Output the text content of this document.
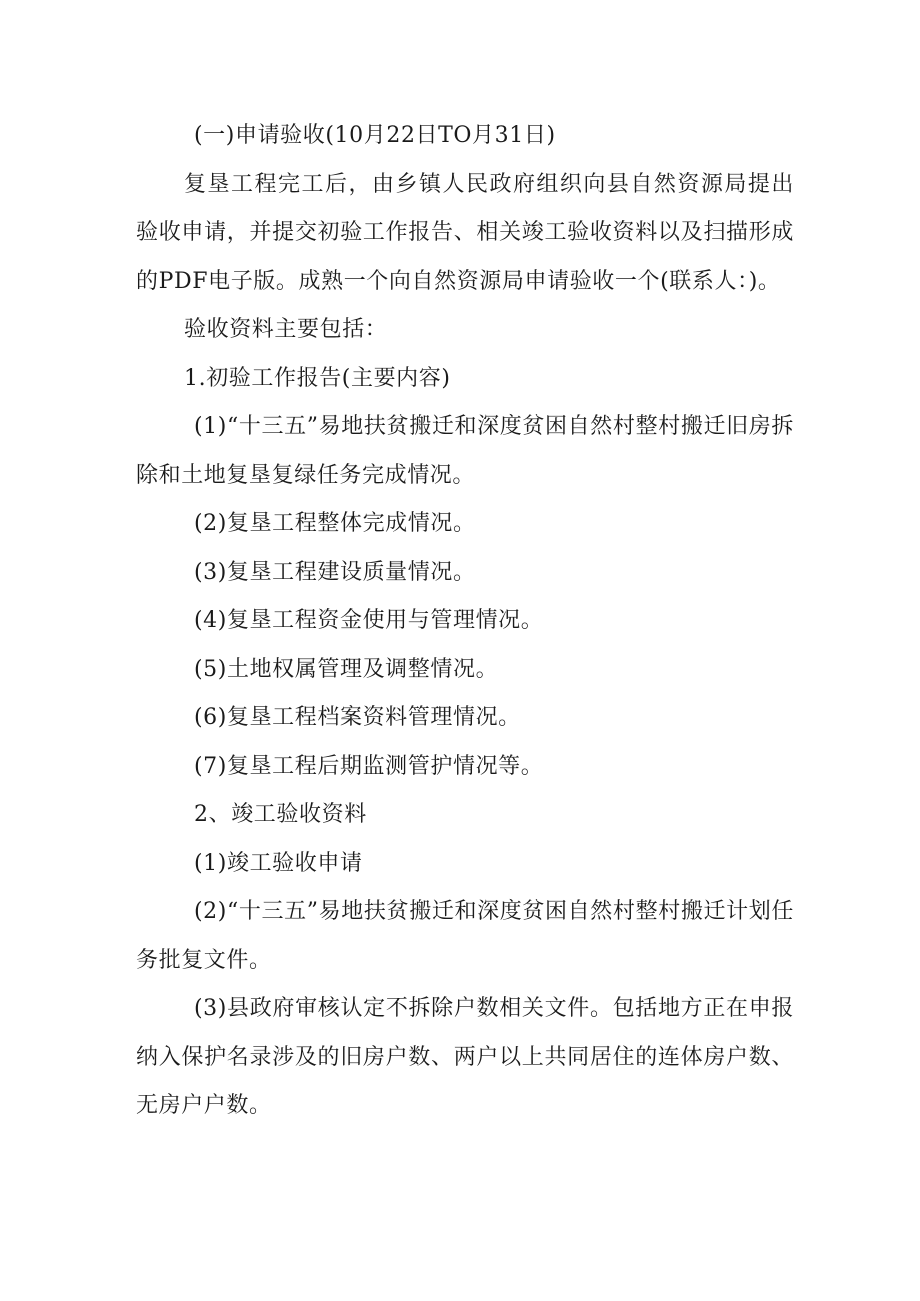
(一)申请验收(10月22日TO月31日)

复垦工程完工后，由乡镇人民政府组织向县自然资源局提出验收申请，并提交初验工作报告、相关竣工验收资料以及扫描形成的PDF电子版。成熟一个向自然资源局申请验收一个(联系人：)。

验收资料主要包括：

1.初验工作报告(主要内容)

(1)“十三五”易地扶贫搬迁和深度贫困自然村整村搬迁旧房拆除和土地复垦复绿任务完成情况。

(2)复垦工程整体完成情况。

(3)复垦工程建设质量情况。

(4)复垦工程资金使用与管理情况。

(5)土地权属管理及调整情况。

(6)复垦工程档案资料管理情况。

(7)复垦工程后期监测管护情况等。

2、竣工验收资料

(1)竣工验收申请

(2)“十三五”易地扶贫搬迁和深度贫困自然村整村搬迁计划任务批复文件。

(3)县政府审核认定不拆除户数相关文件。包括地方正在申报纳入保护名录涉及的旧房户数、两户以上共同居住的连体房户数、无房户户数。
